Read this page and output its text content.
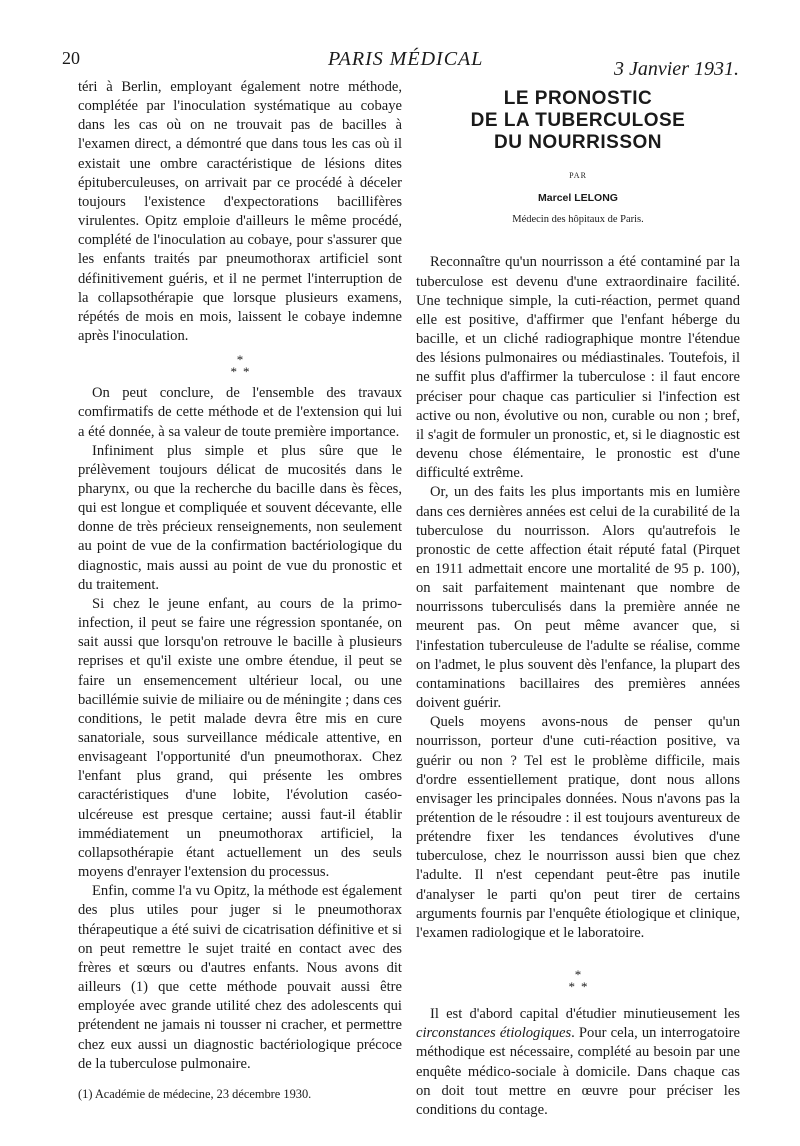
20	PARIS MÉDICAL	3 Janvier 1931.

téri à Berlin, employant également notre méthode, complétée par l'inoculation systématique au cobaye dans les cas où on ne trouvait pas de bacilles à l'examen direct, a démontré que dans tous les cas où il existait une ombre caractéristique de lésions dites épituberculeuses, on arrivait par ce procédé à déceler toujours l'existence d'expectorations bacillifères virulentes. Opitz emploie d'ailleurs le même procédé, complété de l'inoculation au cobaye, pour s'assurer que les enfants traités par pneumothorax artificiel sont définitivement guéris, et il ne permet l'interruption de la collapsothérapie que lorsque plusieurs examens, répétés de mois en mois, laissent le cobaye indemne après l'inoculation.

*
**

On peut conclure, de l'ensemble des travaux comfirmatifs de cette méthode et de l'extension qui lui a été donnée, à sa valeur de toute première importance.

Infiniment plus simple et plus sûre que le prélèvement toujours délicat de mucosités dans le pharynx, ou que la recherche du bacille dans ès fèces, qui est longue et compliquée et souvent décevante, elle donne de très précieux renseignements, non seulement au point de vue de la confirmation bactériologique du diagnostic, mais aussi au point de vue du pronostic et du traitement.

Si chez le jeune enfant, au cours de la primo-infection, il peut se faire une régression spontanée, on sait aussi que lorsqu'on retrouve le bacille à plusieurs reprises et qu'il existe une ombre étendue, il peut se faire un ensemencement ultérieur local, ou une bacillémie suivie de miliaire ou de méningite ; dans ces conditions, le petit malade devra être mis en cure sanatoriale, sous surveillance médicale attentive, en envisageant l'opportunité d'un pneumothorax. Chez l'enfant plus grand, qui présente les ombres caractéristiques d'une lobite, l'évolution caséo-ulcéreuse est presque certaine; aussi faut-il établir immédiatement un pneumothorax artificiel, la collapsothérapie étant actuellement un des seuls moyens d'enrayer l'extension du processus.

Enfin, comme l'a vu Opitz, la méthode est également des plus utiles pour juger si le pneumothorax thérapeutique a été suivi de cicatrisation définitive et si on peut remettre le sujet traité en contact avec des frères et sœurs ou d'autres enfants. Nous avons dit ailleurs (1) que cette méthode pouvait aussi être employée avec grande utilité chez des adolescents qui prétendent ne jamais ni tousser ni cracher, et permettre chez eux aussi un diagnostic bactériologique précoce de la tuberculose pulmonaire.

(1) Académie de médecine, 23 décembre 1930.

LE PRONOSTIC
DE LA TUBERCULOSE
DU NOURRISSON
PAR
Marcel LELONG
Médecin des hôpitaux de Paris.

Reconnaître qu'un nourrisson a été contaminé par la tuberculose est devenu d'une extraordinaire facilité. Une technique simple, la cuti-réaction, permet quand elle est positive, d'affirmer que l'enfant héberge du bacille, et un cliché radiographique montre l'étendue des lésions pulmonaires ou médiastinales. Toutefois, il ne suffit plus d'affirmer la tuberculose : il faut encore préciser pour chaque cas particulier si l'infection est active ou non, évolutive ou non, curable ou non ; bref, il s'agit de formuler un pronostic, et, si le diagnostic est devenu chose élémentaire, le pronostic est d'une difficulté extrême.

Or, un des faits les plus importants mis en lumière dans ces dernières années est celui de la curabilité de la tuberculose du nourrisson. Alors qu'autrefois le pronostic de cette affection était réputé fatal (Pirquet en 1911 admettait encore une mortalité de 95 p. 100), on sait parfaitement maintenant que nombre de nourrissons tuberculisés dans la première année ne meurent pas. On peut même avancer que, si l'infestation tuberculeuse de l'adulte se réalise, comme on l'admet, le plus souvent dès l'enfance, la plupart des contaminations bacillaires des premières années doivent guérir.

Quels moyens avons-nous de penser qu'un nourrisson, porteur d'une cuti-réaction positive, va guérir ou non ? Tel est le problème difficile, mais d'ordre essentiellement pratique, dont nous allons envisager les principales données. Nous n'avons pas la prétention de le résoudre : il est toujours aventureux de prétendre fixer les tendances évolutives d'une tuberculose, chez le nourrisson aussi bien que chez l'adulte. Il n'est cependant peut-être pas inutile d'analyser le parti qu'on peut tirer de certains arguments fournis par l'enquête étiologique et clinique, l'examen radiologique et le laboratoire.

*
**

Il est d'abord capital d'étudier minutieusement les circonstances étiologiques. Pour cela, un interrogatoire méthodique est nécessaire, complété au besoin par une enquête médico-sociale à domicile. Dans chaque cas on doit tout mettre en œuvre pour préciser les conditions du contage.
